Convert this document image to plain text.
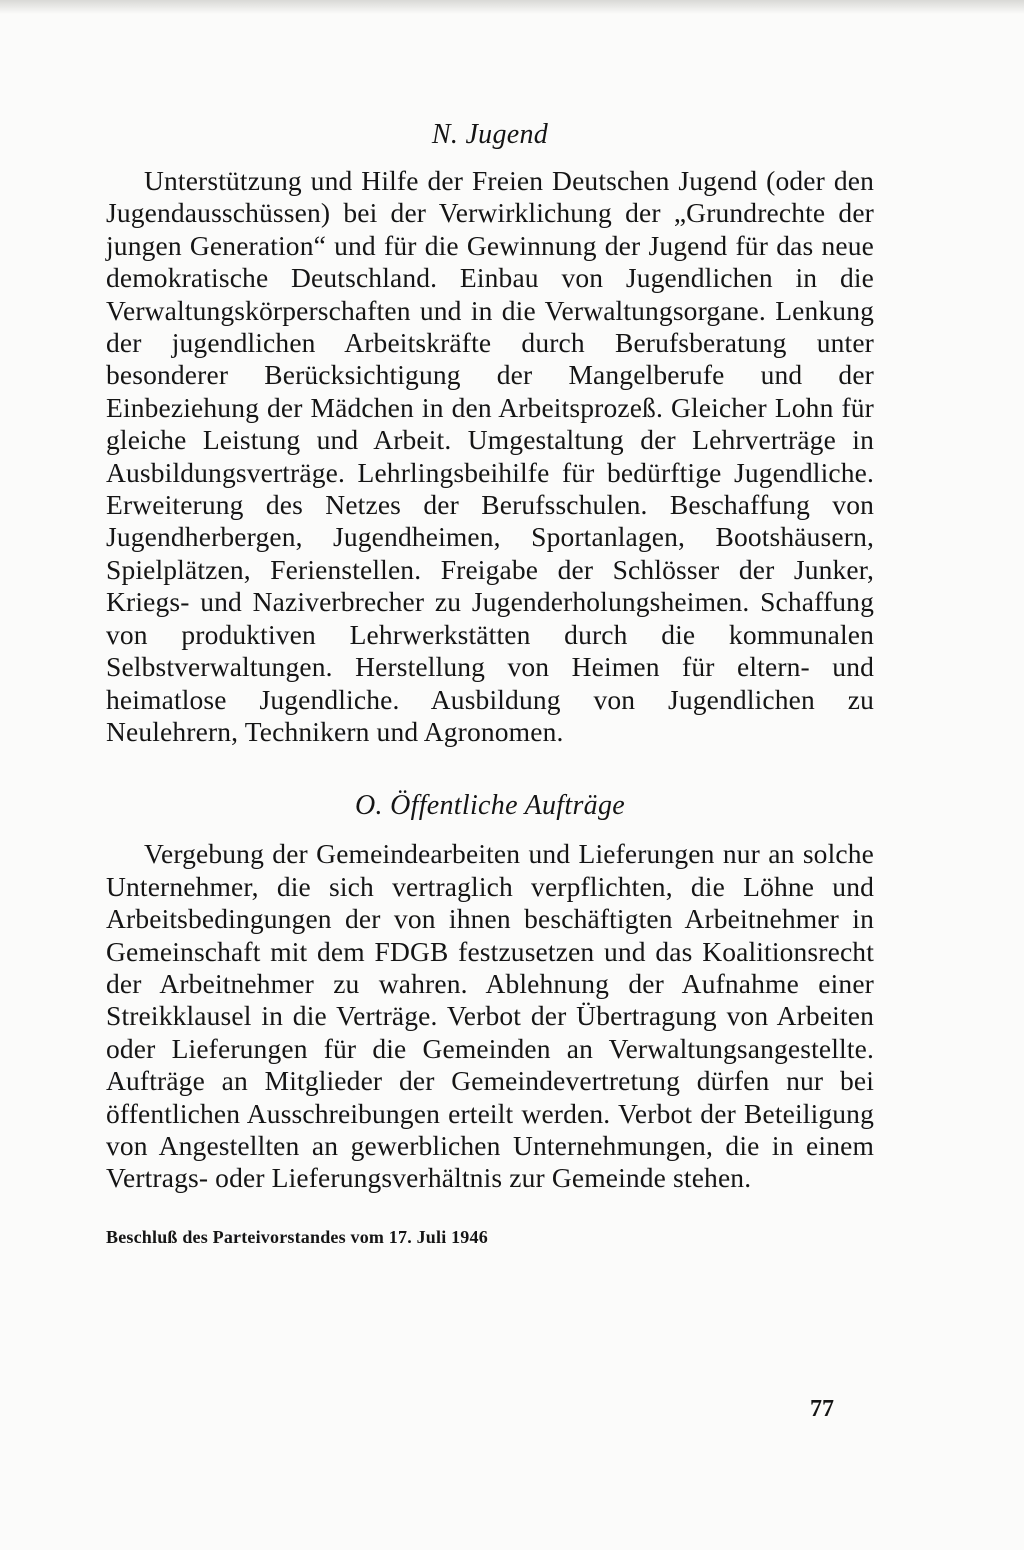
N. Jugend

Unterstützung und Hilfe der Freien Deutschen Jugend (oder den Jugendausschüssen) bei der Verwirklichung der „Grundrechte der jungen Generation“ und für die Gewinnung der Jugend für das neue demokratische Deutschland. Einbau von Jugendlichen in die Verwaltungskörperschaften und in die Verwaltungsorgane. Lenkung der jugendlichen Arbeitskräfte durch Berufsberatung unter besonderer Berücksichtigung der Mangelberufe und der Einbeziehung der Mädchen in den Arbeitsprozeß. Gleicher Lohn für gleiche Leistung und Arbeit. Umgestaltung der Lehrverträge in Ausbildungsverträge. Lehrlingsbeihilfe für bedürftige Jugendliche. Erweiterung des Netzes der Berufsschulen. Beschaffung von Jugendherbergen, Jugendheimen, Sportanlagen, Bootshäusern, Spielplätzen, Ferienstellen. Freigabe der Schlösser der Junker, Kriegs- und Naziverbrecher zu Jugenderholungsheimen. Schaffung von produktiven Lehrwerkstätten durch die kommunalen Selbstverwaltungen. Herstellung von Heimen für eltern- und heimatlose Jugendliche. Ausbildung von Jugendlichen zu Neulehrern, Technikern und Agronomen.

O. Öffentliche Aufträge

Vergebung der Gemeindearbeiten und Lieferungen nur an solche Unternehmer, die sich vertraglich verpflichten, die Löhne und Arbeitsbedingungen der von ihnen beschäftigten Arbeitnehmer in Gemeinschaft mit dem FDGB festzusetzen und das Koalitionsrecht der Arbeitnehmer zu wahren. Ablehnung der Aufnahme einer Streikklausel in die Verträge. Verbot der Übertragung von Arbeiten oder Lieferungen für die Gemeinden an Verwaltungsangestellte. Aufträge an Mitglieder der Gemeindevertretung dürfen nur bei öffentlichen Ausschreibungen erteilt werden. Verbot der Beteiligung von Angestellten an gewerblichen Unternehmungen, die in einem Vertrags- oder Lieferungsverhältnis zur Gemeinde stehen.

Beschluß des Parteivorstandes vom 17. Juli 1946
77
